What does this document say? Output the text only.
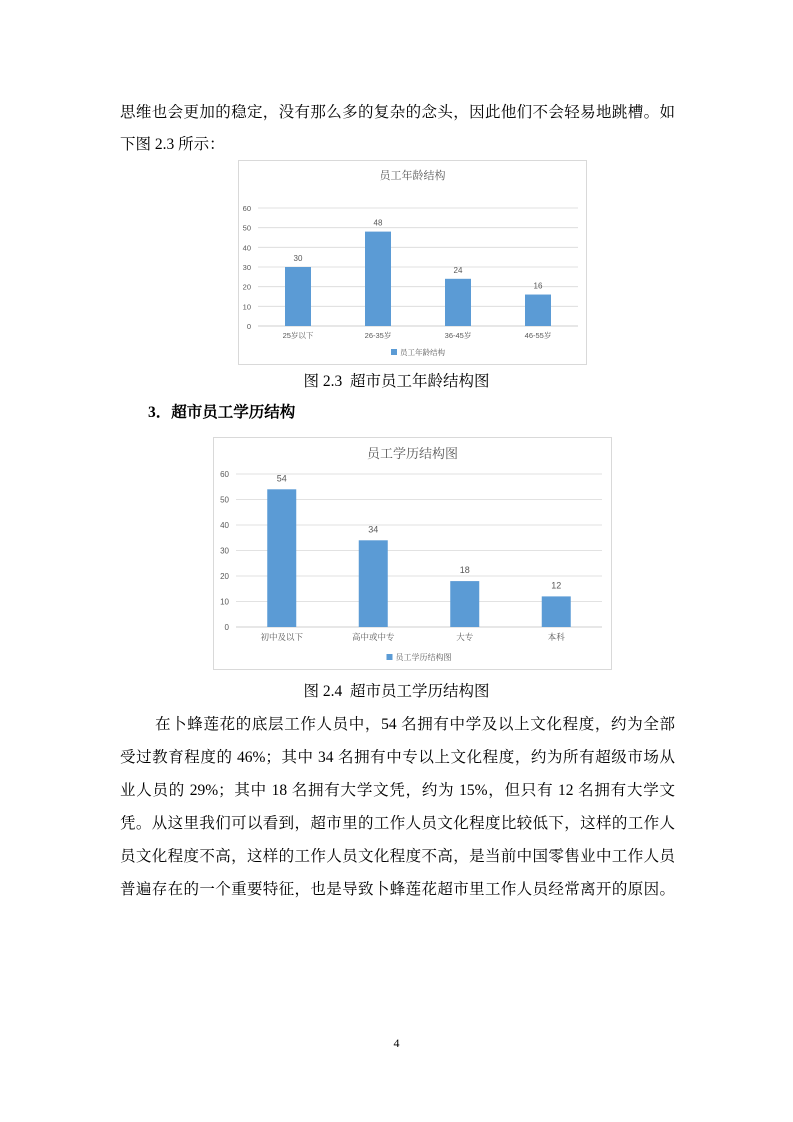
思维也会更加的稳定，没有那么多的复杂的念头，因此他们不会轻易地跳槽。如
下图 2.3 所示：
员工年龄结构
0
10
20
30
40
50
60
30
48
24
16
25岁以下	26-35岁	36-45岁	46-55岁
员工年龄结构
图 2.3  超市员工年龄结构图
3．超市员工学历结构
员工学历结构图
0
10
20
30
40
50
60	54
34
18
12
初中及以下	高中或中专	大专	本科
员工学历结构图
图 2.4  超市员工学历结构图
在卜蜂莲花的底层工作人员中，54 名拥有中学及以上文化程度，约为全部
受过教育程度的 46%；其中 34 名拥有中专以上文化程度，约为所有超级市场从
业人员的 29%；其中 18 名拥有大学文凭，约为 15%，但只有 12 名拥有大学文
凭。从这里我们可以看到，超市里的工作人员文化程度比较低下，这样的工作人
员文化程度不高，这样的工作人员文化程度不高，是当前中国零售业中工作人员
普遍存在的一个重要特征，也是导致卜蜂莲花超市里工作人员经常离开的原因。
4
